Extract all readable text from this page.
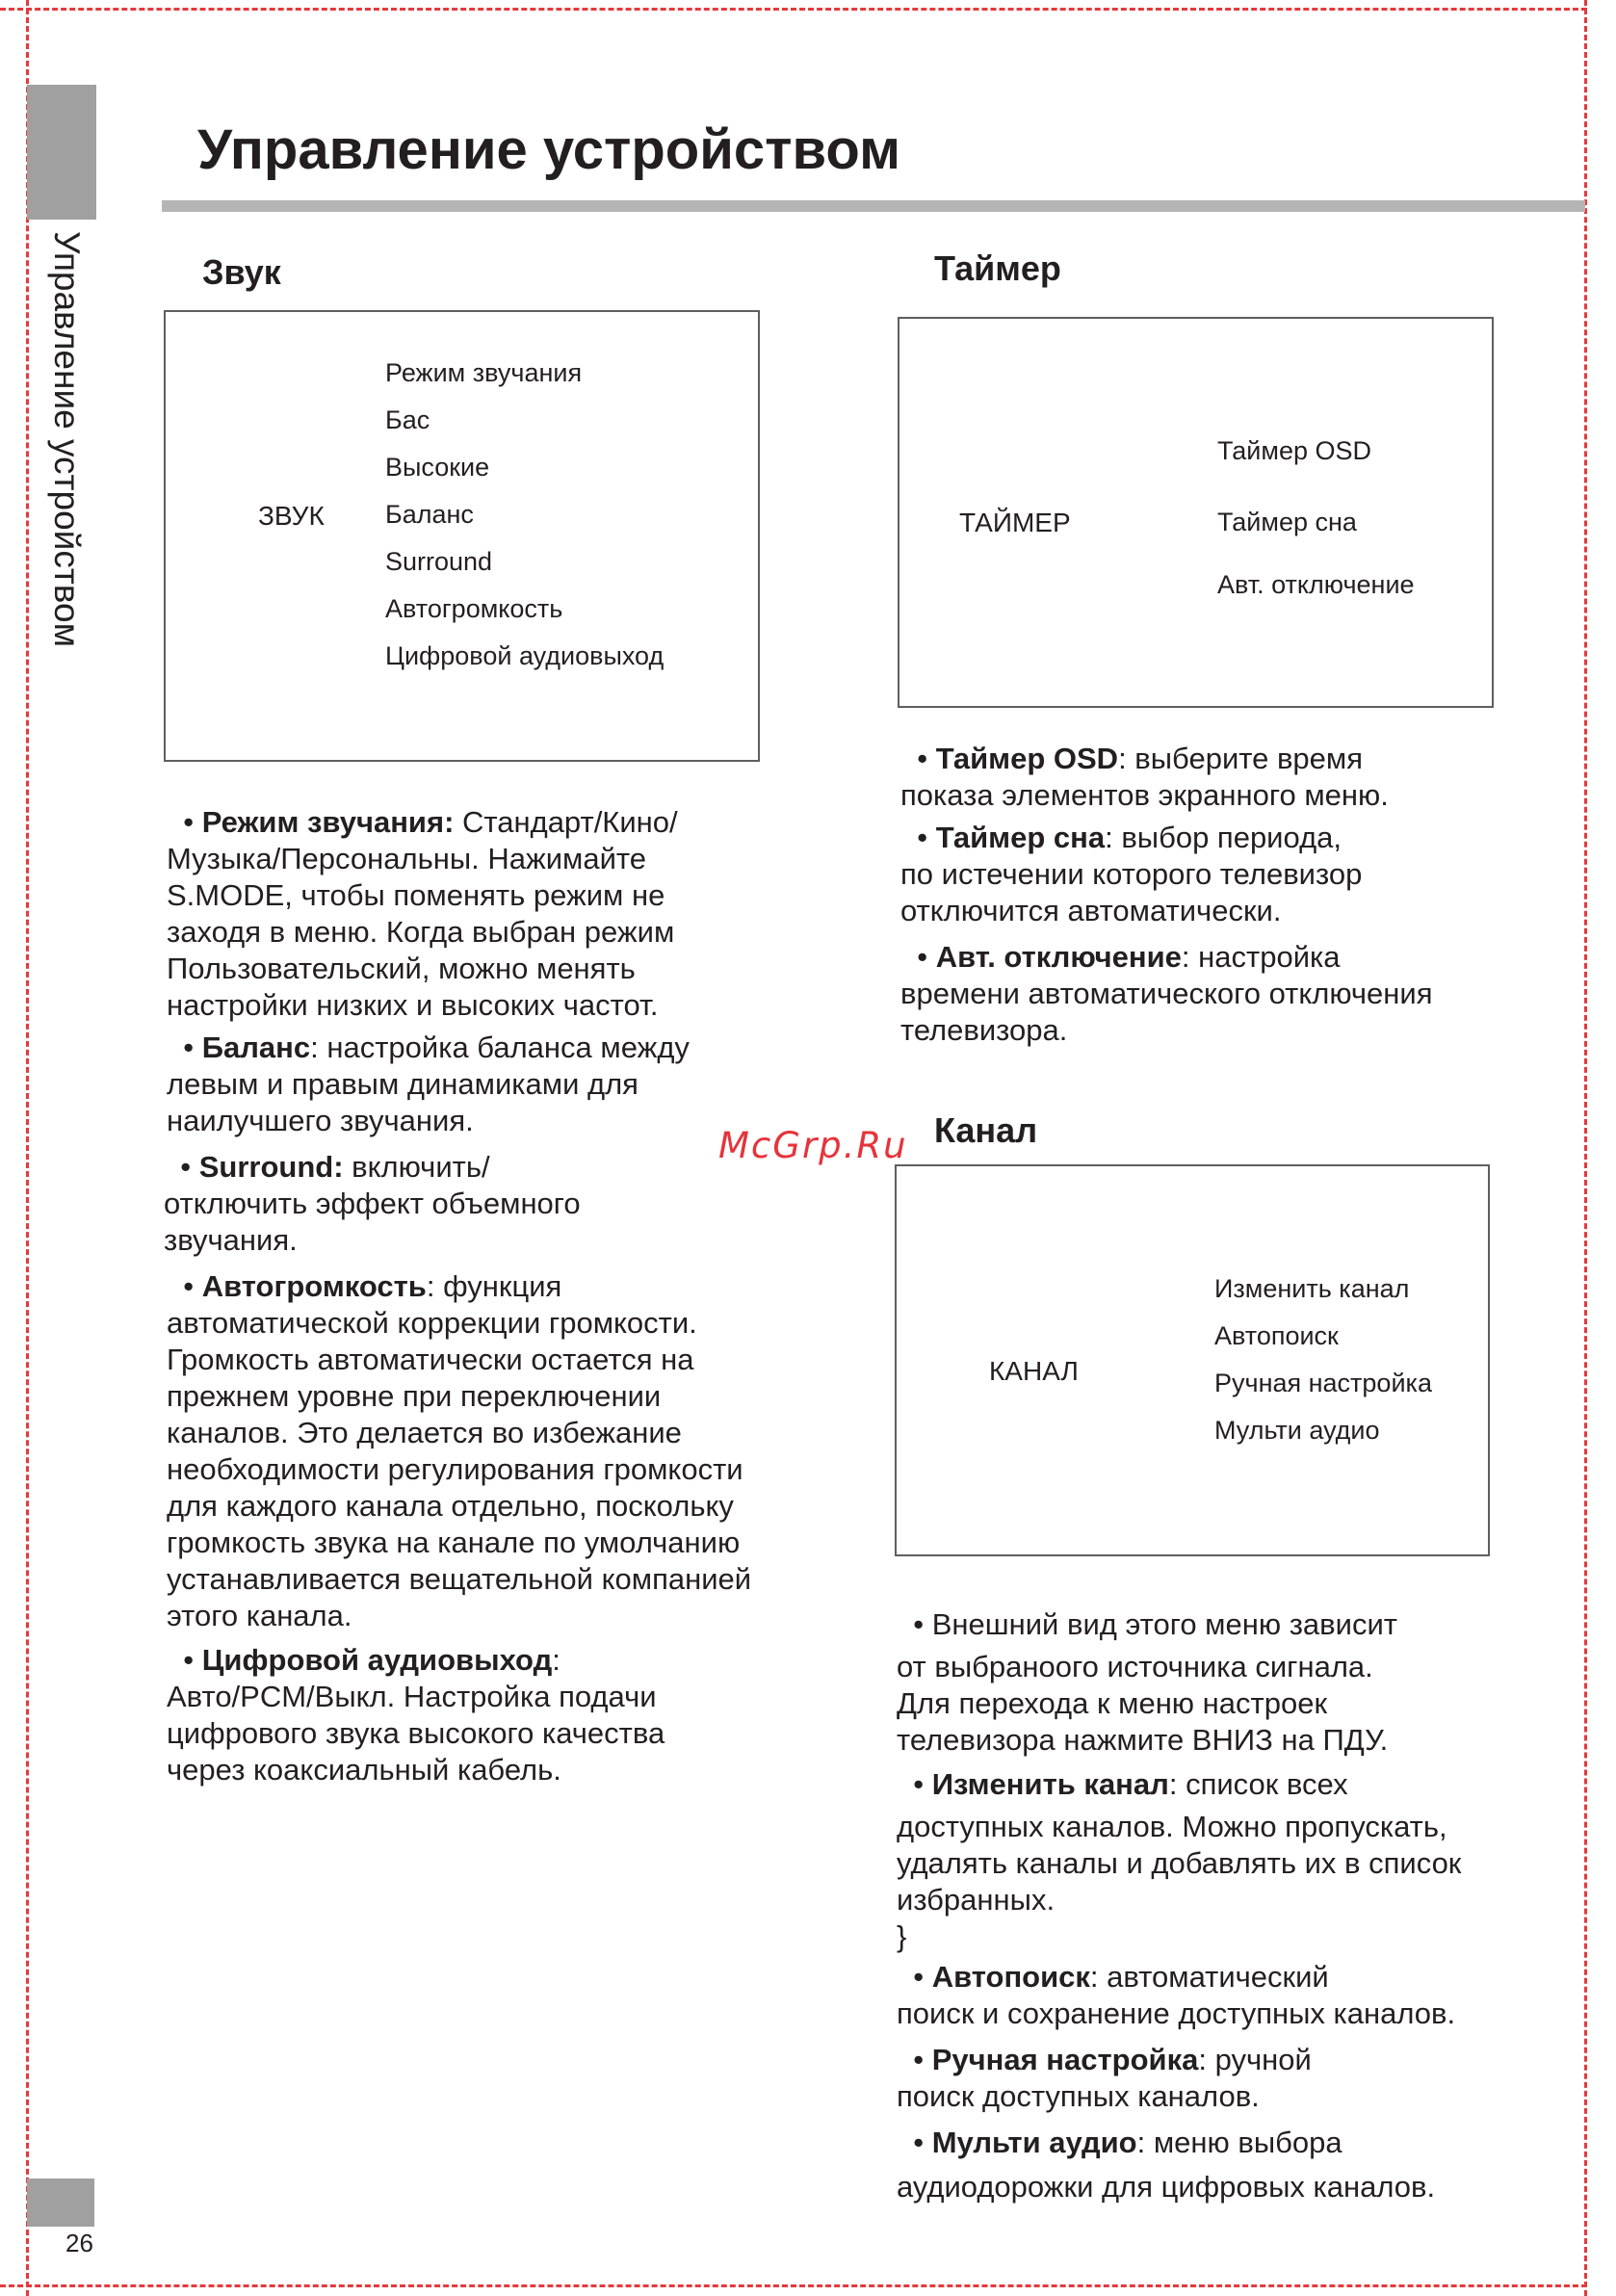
Управление устройством
26
Управление устройством
Звук
ЗВУК
Режим звучания
Бас
Высокие
Баланс
Surround
Автогромкость
Цифровой аудиовыход
• Режим звучания: Стандарт/Кино/
Музыка/Персональны. Нажимайте
S.MODE, чтобы поменять режим не
заходя в меню. Когда выбран режим
Пользовательский, можно менять
настройки низких и высоких частот.
• Баланс: настройка баланса между
левым и правым динамиками для
наилучшего звучания.
• Surround: включить/
отключить эффект объемного
звучания.
• Автогромкость: функция
автоматической коррекции громкости.
Громкость автоматически остается на
прежнем уровне при переключении
каналов. Это делается во избежание
необходимости регулирования громкости
для каждого канала отдельно, поскольку
громкость звука на канале по умолчанию
устанавливается вещательной компанией
этого канала.
• Цифровой аудиовыход:
Авто/PCM/Выкл. Настройка подачи
цифрового звука высокого качества
через коаксиальный кабель.
Таймер
ТАЙМЕР
Таймер OSD
Таймер сна
Авт. отключение
• Таймер OSD: выберите время
показа элементов экранного меню.
• Таймер сна: выбор периода,
по истечении которого телевизор
отключится автоматически.
• Авт. отключение: настройка
времени автоматического отключения
телевизора.
McGrp.Ru Канал
КАНАЛ
Изменить канал
Автопоиск
Ручная настройка
Мульти аудио
• Внешний вид этого меню зависит
от выбраноого источника сигнала.
Для перехода к меню настроек
телевизора нажмите ВНИЗ на ПДУ.
• Изменить канал: список всех
доступных каналов. Можно пропускать,
удалять каналы и добавлять их в список
избранных.
}
• Автопоиск: автоматический
поиск и сохранение доступных каналов.
• Ручная настройка: ручной
поиск доступных каналов.
• Мульти аудио: меню выбора
аудиодорожки для цифровых каналов.
